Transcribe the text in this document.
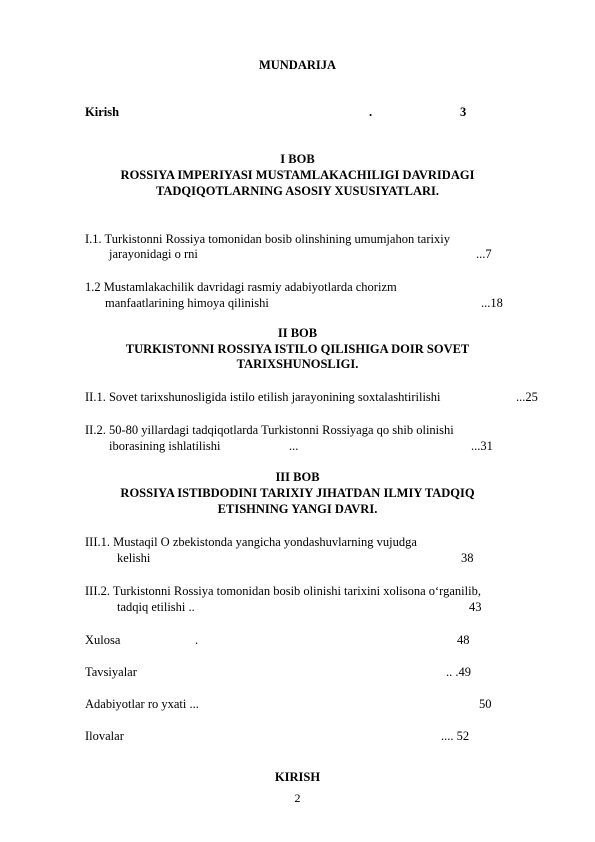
MUNDARIJA
Kirish	.	3
I BOB
ROSSIYA IMPERIYASI MUSTAMLAKACHILIGI DAVRIDAGI
TADQIQOTLARNING ASOSIY XUSUSIYATLARI.
I.1. Turkistonni Rossiya tomonidan bosib olinshining umumjahon tarixiy
jarayonidagi o rni	...7
1.2 Mustamlakachilik davridagi rasmiy adabiyotlarda chorizm
manfaatlarining himoya qilinishi	...18
II BOB
TURKISTONNI ROSSIYA ISTILO QILISHIGA DOIR SOVET
TARIXSHUNOSLIGI.
II.1. Sovet tarixshunosligida istilo etilish jarayonining soxtalashtirilishi	...25
II.2. 50-80 yillardagi tadqiqotlarda Turkistonni Rossiyaga qo shib olinishi
iborasining ishlatilishi	...	...31
III BOB
ROSSIYA ISTIBDODINI TARIXIY JIHATDAN ILMIY TADQIQ
ETISHNING YANGI DAVRI.
III.1. Mustaqil O zbekistonda yangicha yondashuvlarning vujudga
kelishi	38
III.2. Turkistonni Rossiya tomonidan bosib olinishi tarixini xolisona o‘rganilib,
tadqiq etilishi ..	43
Xulosa	.	48
Tavsiyalar	.. .49
Adabiyotlar ro yxati ...	50
Ilovalar	.... 52
KIRISH
2
